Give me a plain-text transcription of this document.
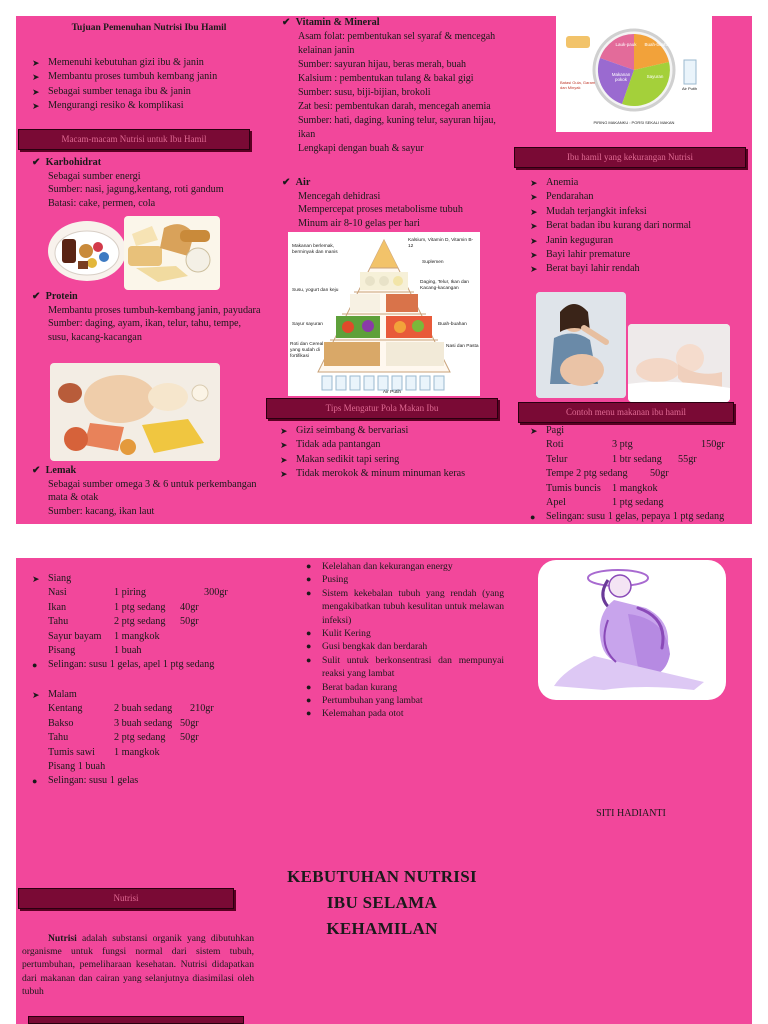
Tujuan Pemenuhan Nutrisi Ibu Hamil
➤ Memenuhi kebutuhan gizi ibu & janin
➤ Membantu proses tumbuh kembang janin
➤ Sebagai sumber tenaga ibu & janin
➤ Mengurangi resiko & komplikasi
Macam-macam Nutrisi untuk Ibu Hamil
✔ Karbohidrat
Sebagai sumber energi
Sumber: nasi, jagung,kentang, roti gandum
Batasi: cake, permen, cola
✔ Protein
Membantu proses tumbuh-kembang janin, payudara
Sumber: daging, ayam, ikan, telur, tahu, tempe, susu, kacang-kacangan
✔ Lemak
Sebagai sumber omega 3 & 6 untuk perkembangan mata & otak
Sumber: kacang, ikan laut
✔ Vitamin & Mineral
Asam folat: pembentukan sel syaraf & mencegah kelainan janin
Sumber: sayuran hijau, beras merah, buah
Kalsium : pembentukan tulang & bakal gigi
Sumber: susu, biji-bijian, brokoli
Zat besi: pembentukan darah, mencegah anemia
Sumber: hati, daging, kuning telur, sayuran hijau, ikan
Lengkapi dengan buah & sayur
✔ Air
Mencegah dehidrasi
Mempercepat proses metabolisme tubuh
Minum air 8-10 gelas per hari
Makanan berlemak, berminyak dan manis
Kalsium, Vitamin D, Vitamin B-12
Suplemen
Susu, yogurt dan keju
Daging, Telur, Ikan dan Kacang-kacangan
Sayur sayuran	Buah-buahan
Roti dan Cereal yang sudah di fortifikasi
Nasi dan Pasta
Air Putih
Tips Mengatur Pola Makan Ibu
➤ Gizi seimbang & bervariasi
➤ Tidak ada pantangan
➤ Makan sedikit tapi sering
➤ Tidak merokok & minum minuman keras
Lauk-pauk	Buah-buahan
Makanan pokok
Sayuran
Batasi Gula, Garam dan Minyak	Air Putih
PIRING MAKANKU : PORSI SEKALI MAKAN
Ibu hamil yang kekurangan Nutrisi
➤ Anemia
➤ Pendarahan
➤ Mudah terjangkit infeksi
➤ Berat badan ibu kurang dari normal
➤ Janin keguguran
➤ Bayi lahir premature
➤ Berat bayi lahir rendah
Contoh menu makanan ibu hamil
➤ Pagi
Roti	3 ptg	150gr
Telur	1 btr sedang 55gr
Tempe 2 ptg sedang 50gr
Tumis buncis 1 mangkok
Apel	1 ptg sedang
● Selingan: susu 1 gelas, pepaya 1 ptg sedang
➤ Siang
Nasi	1 piring	300gr
Ikan	1 ptg sedang 40gr
Tahu	2 ptg sedang 50gr
Sayur bayam 1 mangkok
Pisang	1 buah
● Selingan: susu 1 gelas, apel 1 ptg sedang
➤ Malam
Kentang	2 buah sedang 210gr
Bakso	3 buah sedang 50gr
Tahu	2 ptg sedang 50gr
Tumis sawi 1 mangkok
Pisang 1 buah
● Selingan: susu 1 gelas
Nutrisi
Nutrisi adalah substansi organik yang dibutuhkan organisme untuk fungsi normal dari sistem tubuh, pertumbuhan, pemeliharaan kesehatan. Nutrisi didapatkan dari makanan dan cairan yang selanjutnya diasimilasi oleh tubuh
● Kelelahan dan kekurangan energy
● Pusing
● Sistem kekebalan tubuh yang rendah (yang mengakibatkan tubuh kesulitan untuk melawan infeksi)
● Kulit Kering
● Gusi bengkak dan berdarah
● Sulit untuk berkonsentrasi dan mempunyai reaksi yang lambat
● Berat badan kurang
● Pertumbuhan yang lambat
● Kelemahan pada otot
KEBUTUHAN NUTRISI
IBU SELAMA
KEHAMILAN
SITI HADIANTI
